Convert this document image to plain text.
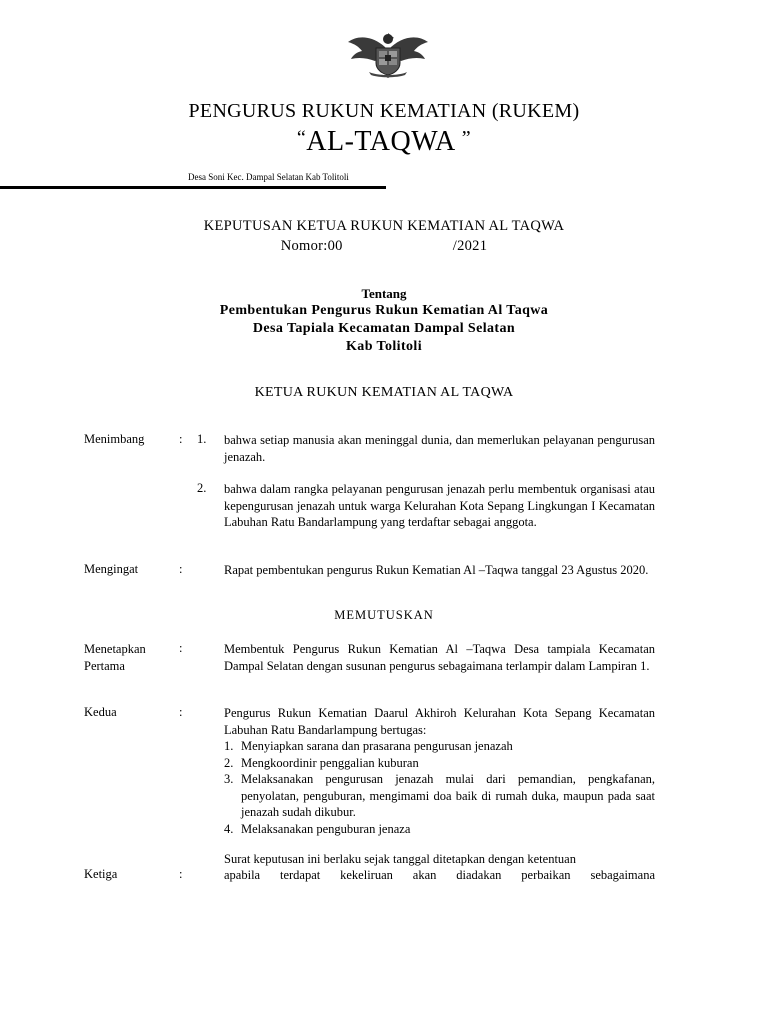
PENGURUS RUKUN KEMATIAN (RUKEM)
“AL-TAQWA ”
Desa Soni Kec. Dampal Selatan Kab Tolitoli
KEPUTUSAN KETUA RUKUN KEMATIAN AL TAQWA
Nomor:00	/2021
Tentang
Pembentukan Pengurus Rukun Kematian Al Taqwa
Desa Tapiala Kecamatan Dampal Selatan
Kab Tolitoli
KETUA RUKUN KEMATIAN AL TAQWA
Menimbang	: 1. bahwa setiap manusia akan meninggal dunia, dan memerlukan pelayanan pengurusan jenazah.
2. bahwa dalam rangka pelayanan pengurusan jenazah perlu membentuk organisasi atau kepengurusan jenazah untuk warga Kelurahan Kota Sepang Lingkungan I Kecamatan Labuhan Ratu Bandarlampung yang terdaftar sebagai anggota.
Mengingat	:	Rapat pembentukan pengurus Rukun Kematian Al –Taqwa tanggal 23 Agustus 2020.
MEMUTUSKAN
Menetapkan
Pertama
:	Membentuk Pengurus Rukun Kematian Al –Taqwa Desa tampiala Kecamatan Dampal Selatan dengan susunan pengurus sebagaimana terlampir dalam Lampiran 1.
Kedua	:	Pengurus Rukun Kematian Daarul Akhiroh Kelurahan Kota Sepang Kecamatan Labuhan Ratu Bandarlampung bertugas:
1. Menyiapkan sarana dan prasarana pengurusan jenazah
2. Mengkoordinir penggalian kuburan
3. Melaksanakan pengurusan jenazah mulai dari pemandian, pengkafanan, penyolatan, penguburan, mengimami doa baik di rumah duka, maupun pada saat jenazah sudah dikubur.
4. Melaksanakan penguburan jenaza
Surat keputusan ini berlaku sejak tanggal ditetapkan dengan ketentuan
Ketiga	:	apabila terdapat kekeliruan akan diadakan perbaikan sebagaimana
